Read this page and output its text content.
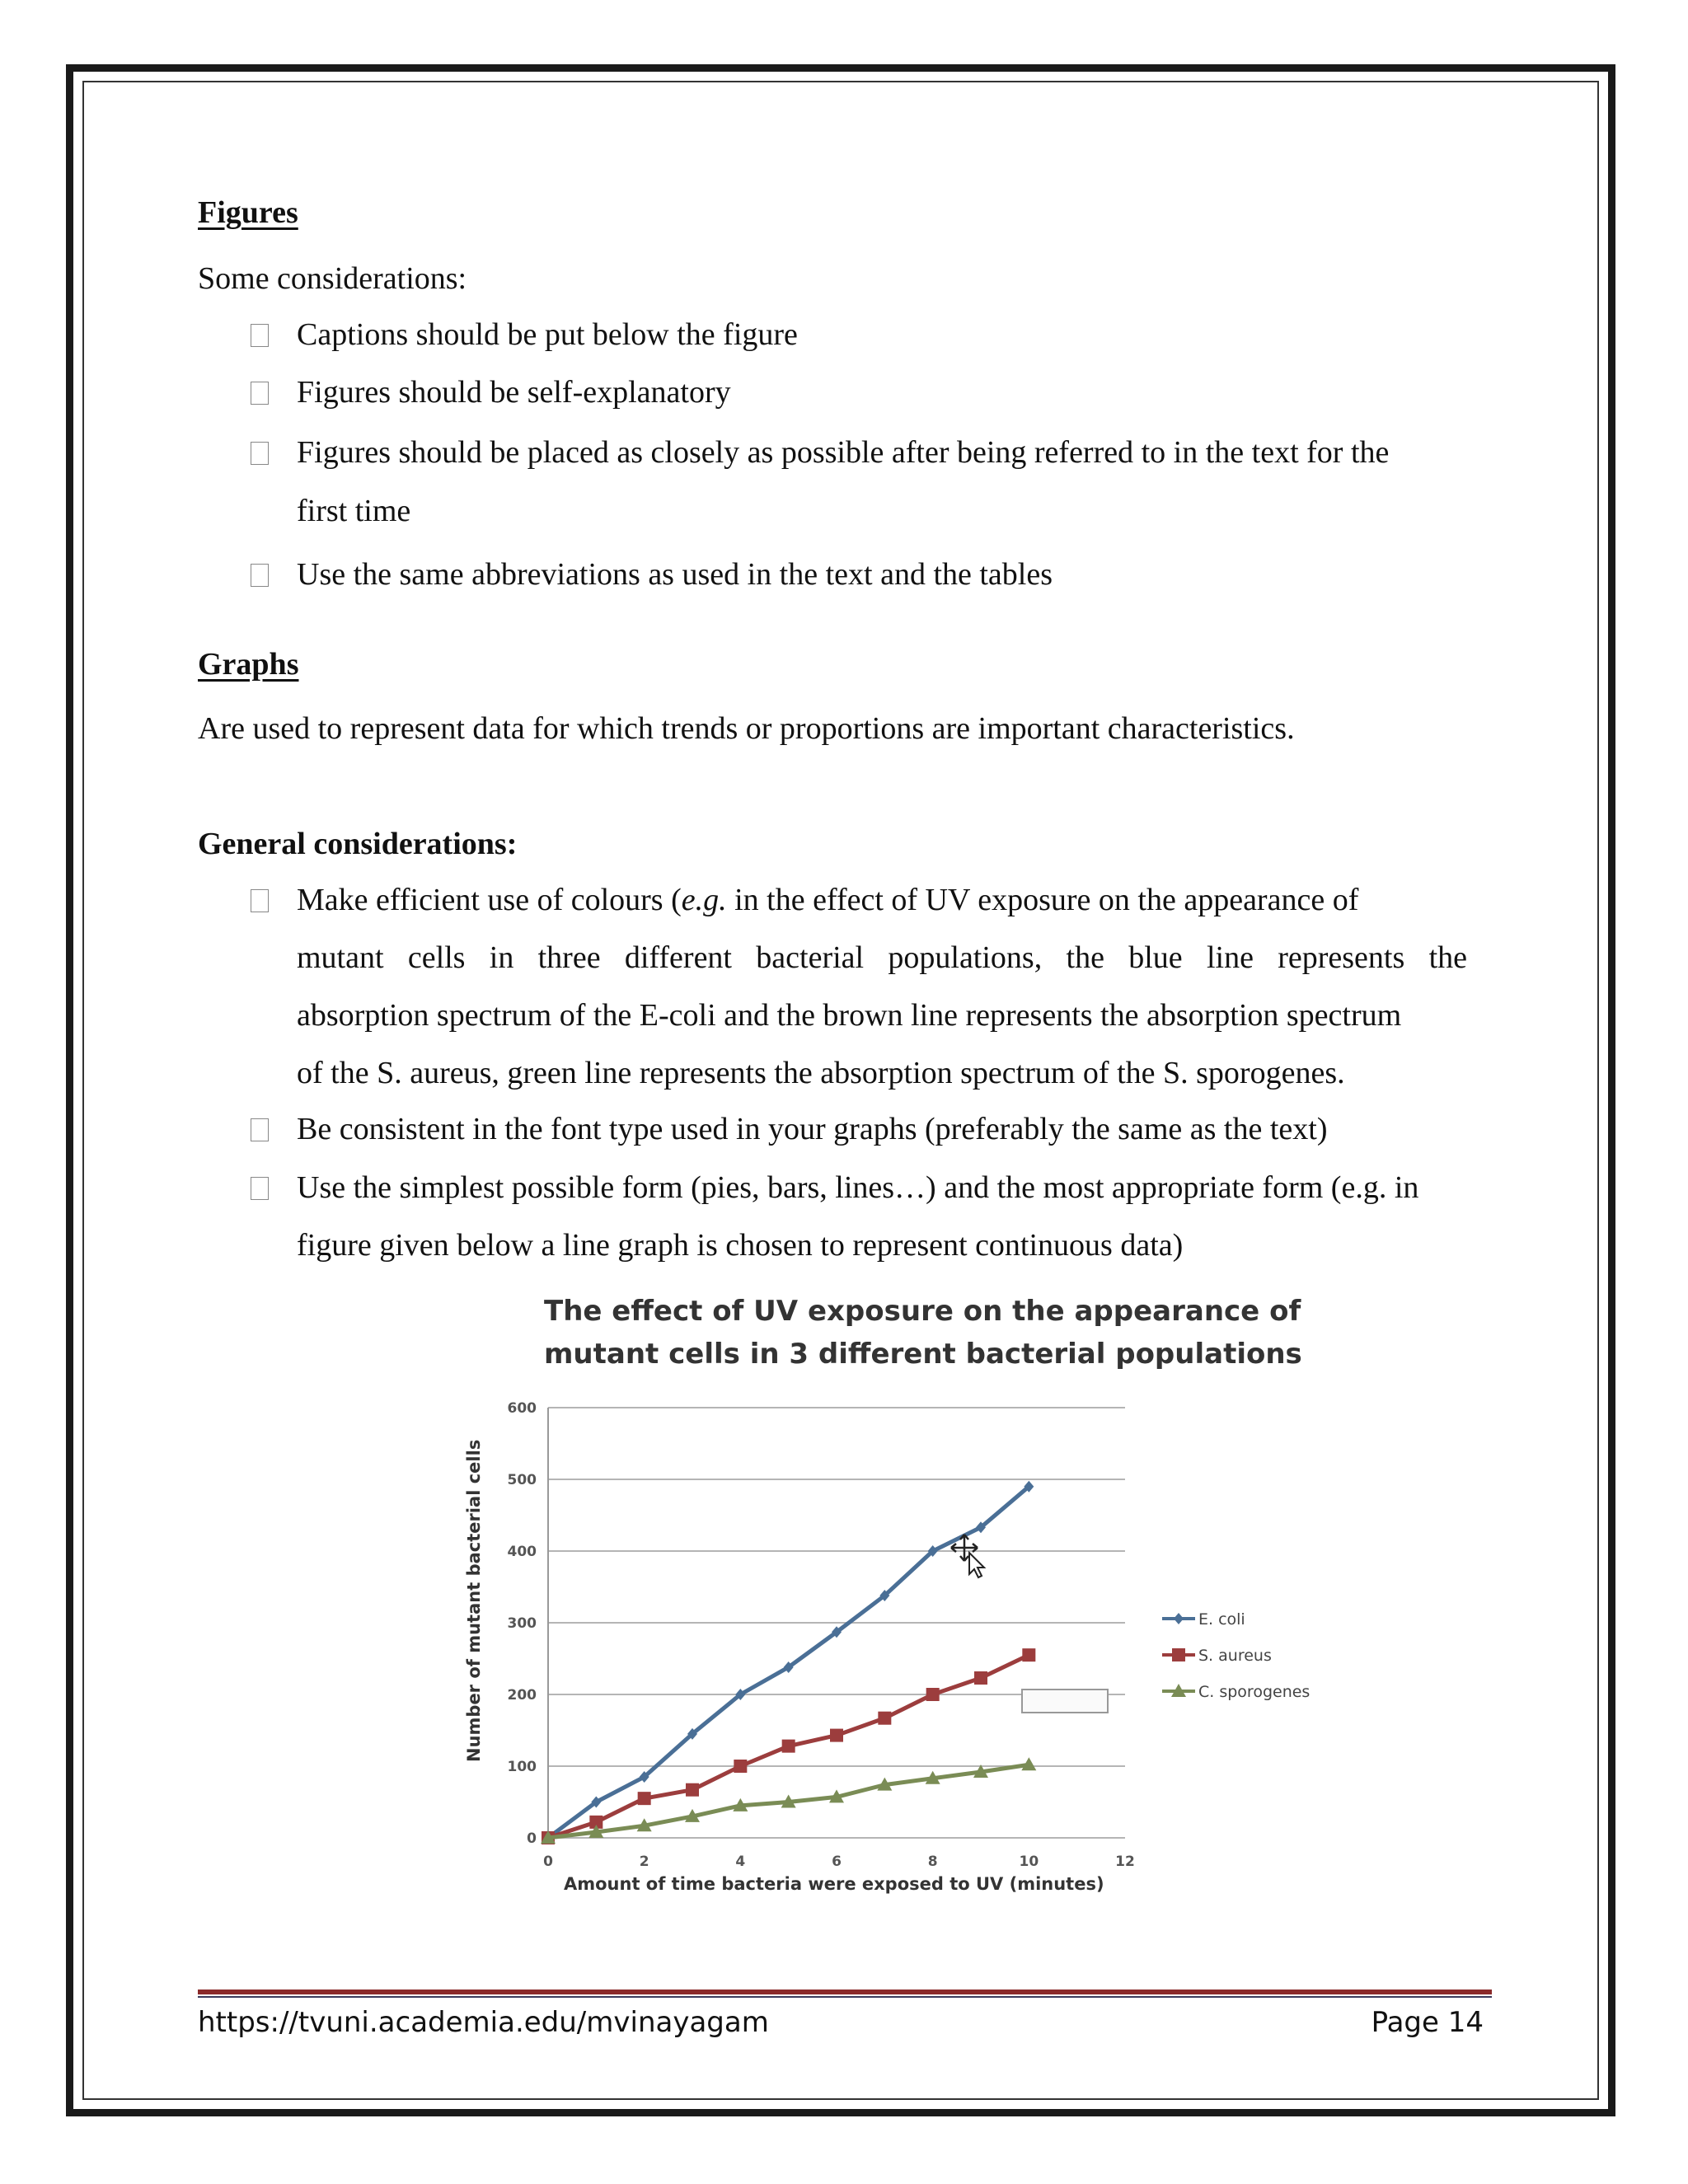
Figures
Some considerations:
Captions should be put below the figure
Figures should be self-explanatory
Figures should be placed as closely as possible after being referred to in the text for the
first time
Use the same abbreviations as used in the text and the tables
Graphs
Are used to represent data for which trends or proportions are important characteristics.
General considerations:
Make efficient use of colours (e.g. in the effect of UV exposure on the appearance of
mutant cells in three different bacterial populations, the blue line represents the
absorption spectrum of the E-coli and the brown line represents the absorption spectrum
of the S. aureus, green line represents the absorption spectrum of the S. sporogenes.
Be consistent in the font type used in your graphs (preferably the same as the text)
Use the simplest possible form (pies, bars, lines…) and the most appropriate form (e.g. in
figure given below a line graph is chosen to represent continuous data)
The effect of UV exposure on the appearance of
mutant cells in 3 different bacterial populations
0
100
200
300
400
500
600
0	2	4	6	8	10	12
E. coli
S. aureus
C. sporogenes
Amount of time bacteria were exposed to UV (minutes)
Number of mutant bacterial cells
https://tvuni.academia.edu/mvinayagam	Page 14
